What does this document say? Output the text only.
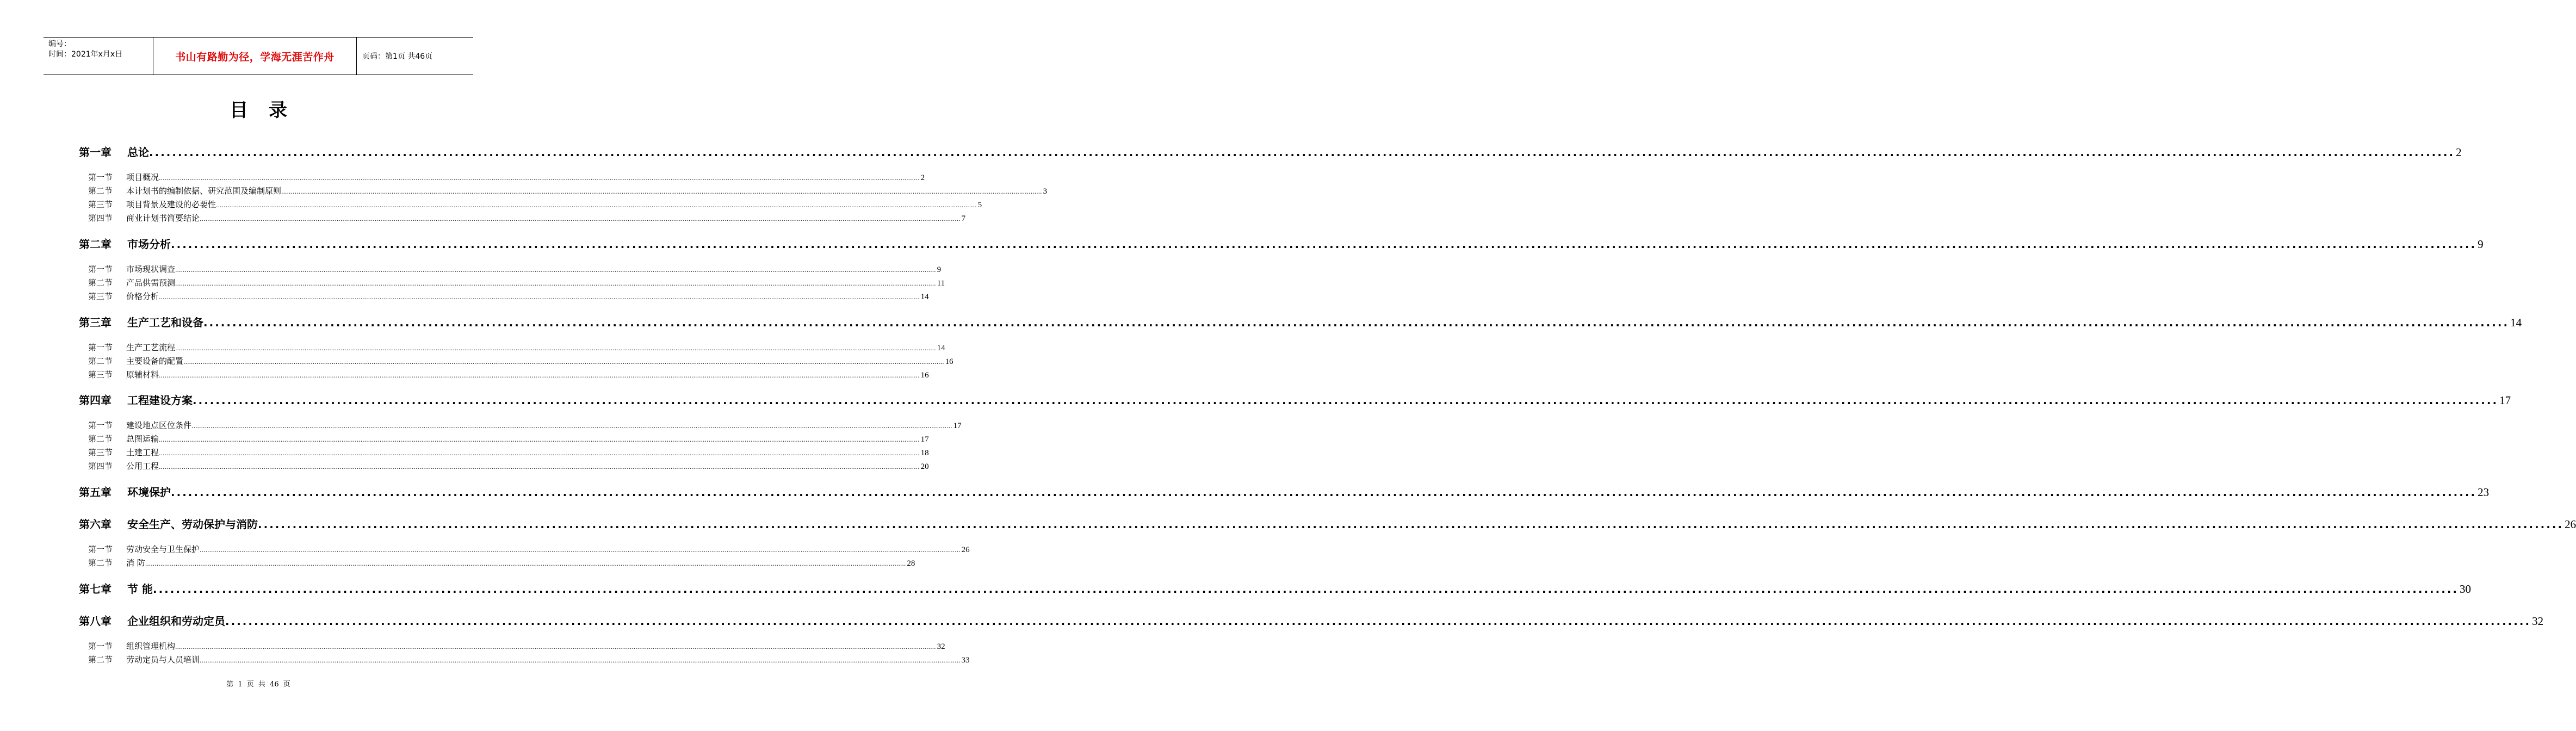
编号：
时间：2021年x月x日	书山有路勤为径，学海无涯苦作舟	页码：第1页 共46页
目录
第一章	总论 ................................................................................................................................................................................................................................................................................................................................................................................................................ 2
第一节	项目概况 ................................................................................................................................................................................................................................................................................................................................................................................................................ 2
第二节	本计划书的编制依据、研究范围及编制原则 ................................................................................................................................................................................................................................................................................................................................................................................................................ 3
第三节	项目背景及建设的必要性 ................................................................................................................................................................................................................................................................................................................................................................................................................ 5
第四节	商业计划书简要结论 ................................................................................................................................................................................................................................................................................................................................................................................................................ 7
第二章	市场分析 ................................................................................................................................................................................................................................................................................................................................................................................................................ 9
第一节	市场现状调查 ................................................................................................................................................................................................................................................................................................................................................................................................................ 9
第二节	产品供需预测 ................................................................................................................................................................................................................................................................................................................................................................................................................ 11
第三节	价格分析 ................................................................................................................................................................................................................................................................................................................................................................................................................ 14
第三章	生产工艺和设备 ................................................................................................................................................................................................................................................................................................................................................................................................................ 14
第一节	生产工艺流程 ................................................................................................................................................................................................................................................................................................................................................................................................................ 14
第二节	主要设备的配置 ................................................................................................................................................................................................................................................................................................................................................................................................................ 16
第三节	原辅材料 ................................................................................................................................................................................................................................................................................................................................................................................................................ 16
第四章	工程建设方案 ................................................................................................................................................................................................................................................................................................................................................................................................................ 17
第一节	建设地点区位条件 ................................................................................................................................................................................................................................................................................................................................................................................................................ 17
第二节	总图运输 ................................................................................................................................................................................................................................................................................................................................................................................................................ 17
第三节	土建工程 ................................................................................................................................................................................................................................................................................................................................................................................................................ 18
第四节	公用工程 ................................................................................................................................................................................................................................................................................................................................................................................................................ 20
第五章	环境保护 ................................................................................................................................................................................................................................................................................................................................................................................................................ 23
第六章	安全生产、劳动保护与消防 ................................................................................................................................................................................................................................................................................................................................................................................................................ 26
第一节	劳动安全与卫生保护 ................................................................................................................................................................................................................................................................................................................................................................................................................ 26
第二节	消 防 ................................................................................................................................................................................................................................................................................................................................................................................................................ 28
第七章	节 能 ................................................................................................................................................................................................................................................................................................................................................................................................................ 30
第八章	企业组织和劳动定员 ................................................................................................................................................................................................................................................................................................................................................................................................................ 32
第一节	组织管理机构 ................................................................................................................................................................................................................................................................................................................................................................................................................ 32
第二节	劳动定员与人员培训 ................................................................................................................................................................................................................................................................................................................................................................................................................ 33
第 1 页 共 46 页
